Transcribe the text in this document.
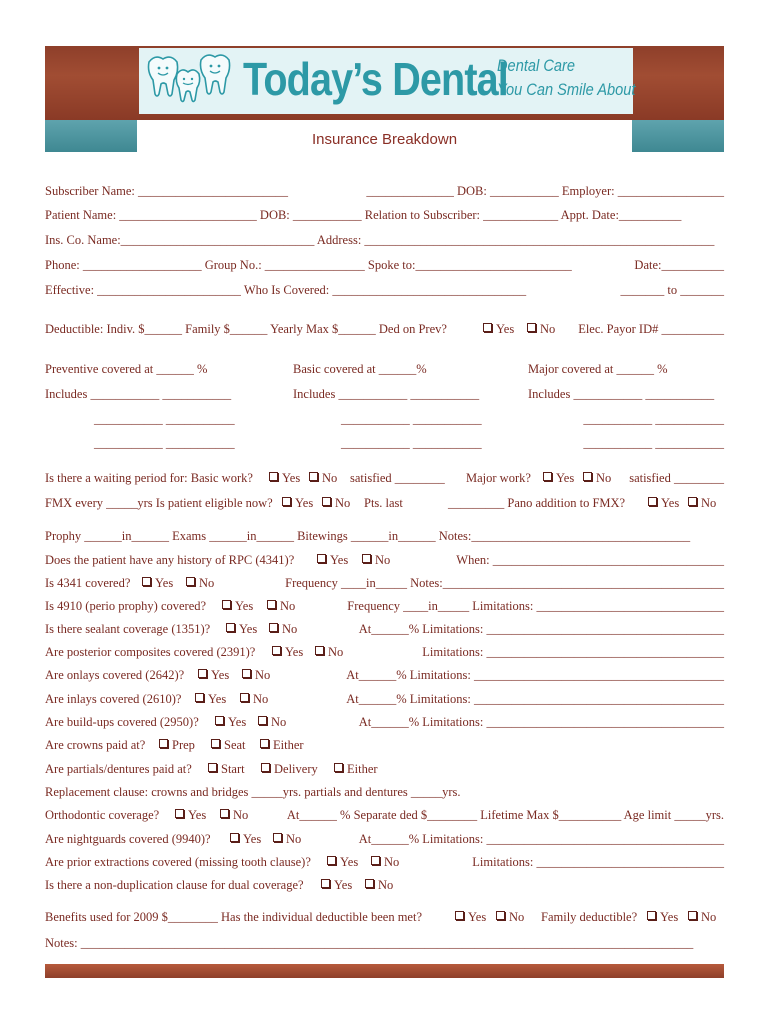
Today’s Dental
Dental Care
You Can Smile About
Insurance Breakdown
Subscriber Name: ________________________	______________ DOB: ___________ Employer: _________________
Patient Name: ______________________ DOB: ___________ Relation to Subscriber: ____________ Appt. Date:__________
Ins. Co. Name:_______________________________ Address: ________________________________________________________
Phone: ___________________ Group No.: ________________ Spoke to:_________________________	Date:__________
Effective: _______________________ Who Is Covered: _______________________________	_______ to _______
Deductible: Indiv. $______ Family $______ Yearly Max $______ Ded on Prev?	Yes	No Elec. Payor ID# __________
Preventive covered at ______ %	Basic covered at ______%	Major covered at ______ %
Includes ___________ ___________	Includes ___________ ___________	Includes ___________ ___________
___________ ___________	___________ ___________	___________ ___________
___________ ___________	___________ ___________	___________ ___________
Is there a waiting period for: Basic work?	Yes	No satisfied ________ Major work?	Yes	No satisfied ________
FMX every _____yrs Is patient eligible now?	Yes	No Pts. last	_________ Pano addition to FMX?	Yes	No
Prophy ______in______ Exams ______in______ Bitewings ______in______ Notes:___________________________________
Does the patient have any history of RPC (4341)?	Yes	No	When: _____________________________________
Is 4341 covered?	Yes	No	Frequency ____in_____ Notes:_____________________________________________
Is 4910 (perio prophy) covered?	Yes	No	Frequency ____in_____ Limitations: ______________________________
Is there sealant coverage (1351)?	Yes	No	At______% Limitations: ______________________________________
Are posterior composites covered (2391)?	Yes	No	Limitations: ______________________________________
Are onlays covered (2642)?	Yes	No	At______% Limitations: ________________________________________
Are inlays covered (2610)?	Yes	No	At______% Limitations: ________________________________________
Are build-ups covered (2950)?	Yes	No	At______% Limitations: ______________________________________
Are crowns paid at?	Prep	Seat	Either
Are partials/dentures paid at?	Start	Delivery	Either
Replacement clause: crowns and bridges _____yrs. partials and dentures _____yrs.
Orthodontic coverage?	Yes	No	At______ % Separate ded $________ Lifetime Max $__________ Age limit _____yrs.
Are nightguards covered (9940)?	Yes	No	At______% Limitations: ______________________________________
Are prior extractions covered (missing tooth clause)?	Yes	No	Limitations: ______________________________
Is there a non-duplication clause for dual coverage?	Yes	No
Benefits used for 2009 $________ Has the individual deductible been met?	Yes	No Family deductible?	Yes	No
Notes: __________________________________________________________________________________________________
